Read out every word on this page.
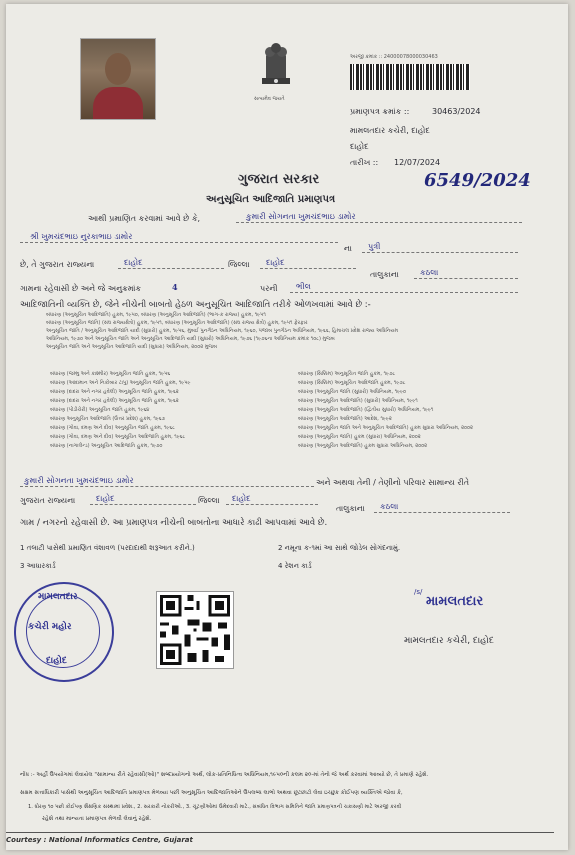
સત્યમેવ જયતે
અરજી ક્રમાંક :: 24000078000030463
પ્રમાણપત્ર ક્રમાંક ::	30463/2024
મામલતદાર કચેરી, દાહોદ
દાહોદ
તારીખ :: 12/07/2024
6549/2024
ગુજરાત સરકાર
અનુસૂચિત આદિજાતિ પ્રમાણપત્ર
આથી પ્રમાણિત કરવામાં આવે છે કે,	કુમારી સોગનતા ખુમચંદભાઇ ડામોર
શ્રી ખુમચંદભાઇ નુરકાભાઇ ડામોર
ના	પુત્રી
છે, તે ગુજરાત રાજ્યના	દાહોદ	જિલ્લા	દાહોદ
તાલુકાના	કઠલા
ગામના રહેવાસી છે અને જે અનુક્રમાંક	4	પરની	ભીલ
આદિજાતિની વ્યક્તિ છે, જેને નીચેની બાબતો હેઠળ અનુસૂચિત આદિજાતિ તરીકે ઓળખવામાં આવે છે :-
બંધારણ (અનુસૂચિત આદિજાતિ) હુકમ, ૧૯૫૦, બંધારણ (અનુસૂચિત આદિજાતિ) (ભાગ-ક રાજ્ય) હુકમ, ૧૯૫૧
બંધારણ (અનુસૂચિત જાતિ) (સંઘ રાજ્યક્ષેત્રો) હુકમ, ૧૯૫૧, બંધારણ (અનુસૂચિત આદિજાતિ) (સંઘ રાજ્ય ક્ષેત્રો) હુકમ, ૧૯૫૧ ફેરફાર
અનુસૂચિત જાતિ / અનુસૂચિત આદિજાતિ યાદી (સુધારો) હુકમ, ૧૯૫૬, મુંબઈ પુનર્ગઠન અધિનિયમ, ૧૯૬૦, પંજાબ પુનર્ગઠન અધિનિયમ, ૧૯૬૬, હિમાચલ પ્રદેશ રાજ્ય અધિનિયમ
અધિનિયમ, ૧૯૭૦ અને અનુસૂચિત જાતિ અને અનુસૂચિત આદિજાતિ યાદી (સુધારો) અધિનિયમ, ૧૯૭૬ (૧૯૭૬ના અધિનિયમ ક્રમાંક ૧૦૮) મુજબ
અનુસૂચિત જાતિ અને અનુસૂચિત આદિજાતિ યાદી (સુધારા) અધિનિયમ, ૨૦૦૨ મુજબ
બંધારણ (જમ્મુ અને કાશ્મીર) અનુસૂચિત જાતિ હુકમ, ૧૯૫૬
બંધારણ (આંદામાન અને નિકોબાર ટાપુ) અનુસૂચિત જાતિ હુકમ, ૧૯૫૯
બંધારણ (દાદરા અને નગર હવેલી) અનુસૂચિત જાતિ હુકમ, ૧૯૬૨
બંધારણ (દાદરા અને નગર હવેલી) અનુસૂચિત જાતિ હુકમ, ૧૯૬૨
બંધારણ (પોંડીચેરી) અનુસૂચિત જાતિ હુકમ, ૧૯૬૪
બંધારણ અનુસૂચિત આદિજાતિ (ઉત્તર પ્રદેશ) હુકમ, ૧૯૬૭
બંધારણ (ગોવા, દમણ અને દીવ) અનુસૂચિત જાતિ હુકમ, ૧૯૬૮
બંધારણ (ગોવા, દમણ અને દીવ) અનુસૂચિત આદિજાતિ હુકમ, ૧૯૬૮
બંધારણ (નાગાલેન્ડ) અનુસૂચિત આદિજાતિ હુકમ, ૧૯૭૦
બંધારણ (સિક્કિમ) અનુસૂચિત જાતિ હુકમ, ૧૯૭૮
બંધારણ (સિક્કિમ) અનુસૂચિત આદિજાતિ હુકમ, ૧૯૭૮
બંધારણ (અનુસૂચિત જાતિ (સુધારો) અધિનિયમ, ૧૯૯૦
બંધારણ (અનુસૂચિત આદિજાતિ) (સુધારો) અધિનિયમ, ૧૯૯૧
બંધારણ (અનુસૂચિત આદિજાતિ) (દ્વિતીય સુધારો) અધિનિયમ, ૧૯૯૧
બંધારણ (અનુસૂચિત આદિજાતિ) આદેશ, ૧૯૯૨
બંધારણ (અનુસૂચિત જાતિ અને અનુસૂચિત આદિજાતિ) હુકમ સુધારા અધિનિયમ, ૨૦૦૨
બંધારણ (અનુસૂચિત જાતિ) હુકમ (સુધારા) અધિનિયમ, ૨૦૦૨
બંધારણ (અનુસૂચિત આદિજાતિ) હુકમ સુધારા અધિનિયમ, ૨૦૦૨
કુમારી સોગનતા ખુમચંદભાઇ ડામોર	અને અથવા તેની / તેણીનો પરિવાર સામાન્ય રીતે
ગુજરાત રાજ્યના	દાહોદ	જિલ્લા	દાહોદ
તાલુકાના	કઠલા
ગામ / નગરનો રહેવાસી છે. આ પ્રમાણપત્ર નીચેની બાબતોના આધારે કાઢી આપવામાં આવે છે.
1 તલાટી પાસેથી પ્રમાણિત વંશાવળ (પરદાદાથી શરૂઆત કરીને.)	2 નમૂના ક-૧માં આ સાથે જોડેલ સોગંદનામું.
3 આધારકાર્ડ	4 રેશન કાર્ડ
મામલતદાર
કચેરી મહોર
દાહોદ
/s/
મામલતદાર
મામલતદાર કચેરી, દાહોદ
નોંધ :- અહીં ઉપયોગમાં લેવાયેલ "સામાન્ય રીતે રહેવાસી(ઓ)" શબ્દપ્રયોગનો અર્થ, લોક-પ્રતિનિધિત્વ અધિનિયમ,૧૯૫૦ની કલમ ૨૦-માં તેનો જે અર્થ કરવામાં આવ્યો છે, તે પ્રમાણે રહેશે.
સક્ષમ સત્તાધિકારી પાસેથી અનુસૂચિત આદિજાતિ પ્રમાણપત્ર મેળવ્યા પછી અનુસૂચિત આદિજાતિઓને ઉપલબ્ધ લાભો અથવા છૂટછાટો લેવા ઇચ્છુક કોઈપણ વ્યક્તિએ જોવા કે,
1. ધોરણ ૧૦ પછી કોઈપણ શૈક્ષણિક સંસ્થામાં પ્રવેશ., 2. સરકારી નોકરીઓ., 3. ચૂંટણીઓમાં ઉમેદવારી માટે., સંબંધિત વિભાગ સમિતિને જાતિ પ્રમાણપત્રની ચકાસણી માટે અરજી કરવી
રહેશે તથા માન્યતા પ્રમાણપત્ર મેળવી લેવાનું રહેશે.
Courtesy : National Informatics Centre, Gujarat
